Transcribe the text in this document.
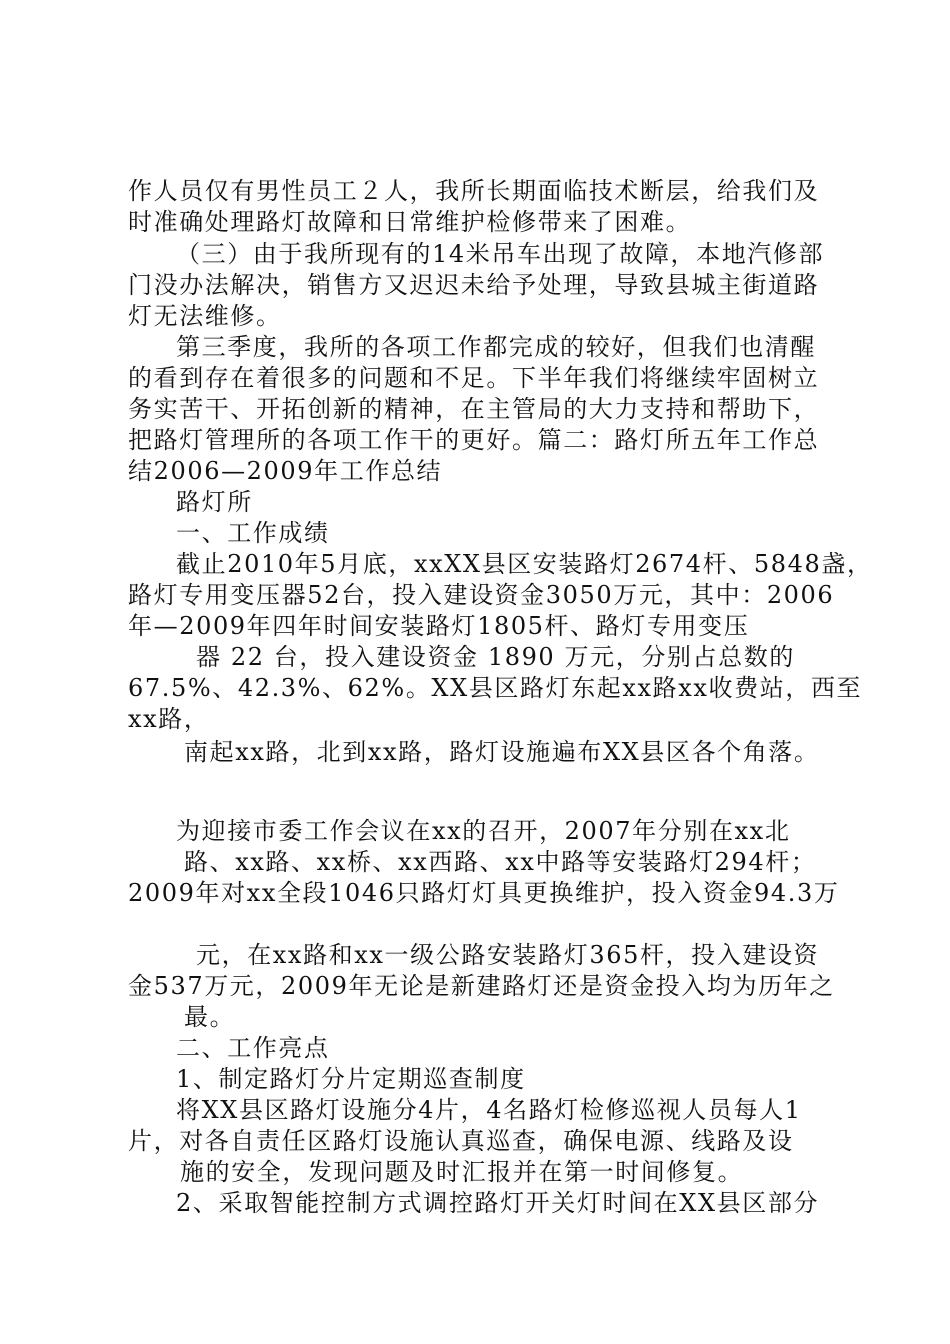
作人员仅有男性员工２人，我所长期面临技术断层，给我们及
时准确处理路灯故障和日常维护检修带来了困难。
（三）由于我所现有的14米吊车出现了故障，本地汽修部
门没办法解决，销售方又迟迟未给予处理，导致县城主街道路
灯无法维修。
第三季度，我所的各项工作都完成的较好，但我们也清醒
的看到存在着很多的问题和不足。下半年我们将继续牢固树立
务实苦干、开拓创新的精神，在主管局的大力支持和帮助下，
把路灯管理所的各项工作干的更好。篇二：路灯所五年工作总
结2006—2009年工作总结
路灯所
一、工作成绩
截止2010年5月底，xxXX县区安装路灯2674杆、5848盏，
路灯专用变压器52台，投入建设资金3050万元，其中：2006
年—2009年四年时间安装路灯1805杆、路灯专用变压
器 22 台，投入建设资金 1890 万元，分别占总数的
67.5%、42.3%、62%。XX县区路灯东起xx路xx收费站，西至
xx路，
南起xx路，北到xx路，路灯设施遍布XX县区各个角落。
为迎接市委工作会议在xx的召开，2007年分别在xx北
路、xx路、xx桥、xx西路、xx中路等安装路灯294杆；
2009年对xx全段1046只路灯灯具更换维护，投入资金94.3万
元，在xx路和xx一级公路安装路灯365杆，投入建设资
金537万元，2009年无论是新建路灯还是资金投入均为历年之
最。
二、工作亮点
1、制定路灯分片定期巡查制度
将XX县区路灯设施分4片，4名路灯检修巡视人员每人1
片，对各自责任区路灯设施认真巡查，确保电源、线路及设
施的安全，发现问题及时汇报并在第一时间修复。
2、采取智能控制方式调控路灯开关灯时间在XX县区部分
